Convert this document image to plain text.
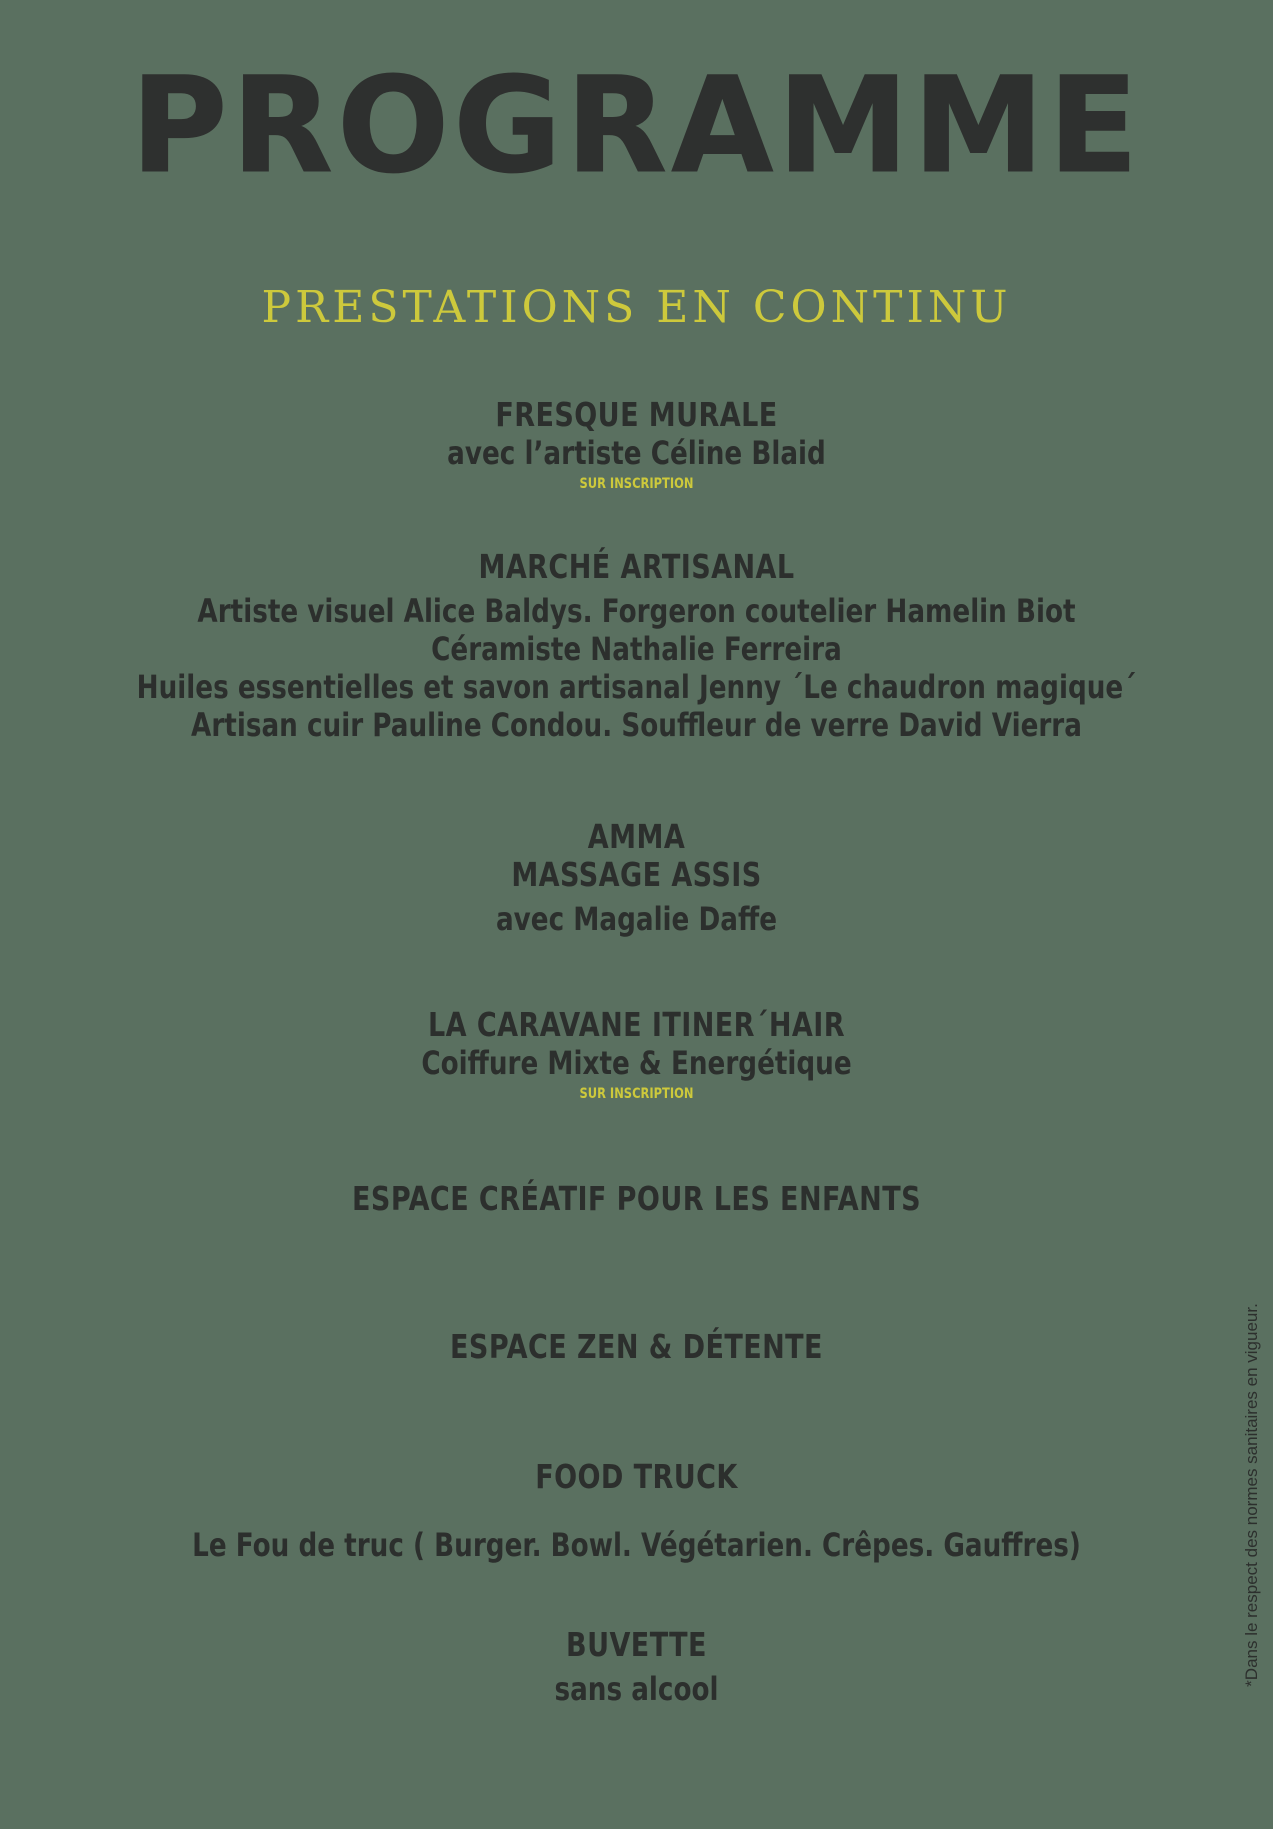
PROGRAMME
PRESTATIONS EN CONTINU
FRESQUE MURALE
avec l’artiste Céline Blaid
SUR INSCRIPTION
MARCHÉ ARTISANAL
Artiste visuel Alice Baldys. Forgeron coutelier Hamelin Biot
Céramiste Nathalie Ferreira
Huiles essentielles et savon artisanal Jenny ´Le chaudron magique´
Artisan cuir Pauline Condou. Souffleur de verre David Vierra
AMMA
MASSAGE ASSIS
avec Magalie Daffe
LA CARAVANE ITINER´HAIR
Coiffure Mixte & Energétique
SUR INSCRIPTION
ESPACE CRÉATIF POUR LES ENFANTS
ESPACE ZEN & DÉTENTE
FOOD TRUCK
Le Fou de truc ( Burger. Bowl. Végétarien. Crêpes. Gauffres)
BUVETTE
sans alcool
*Dans le respect des normes sanitaires en vigueur.
